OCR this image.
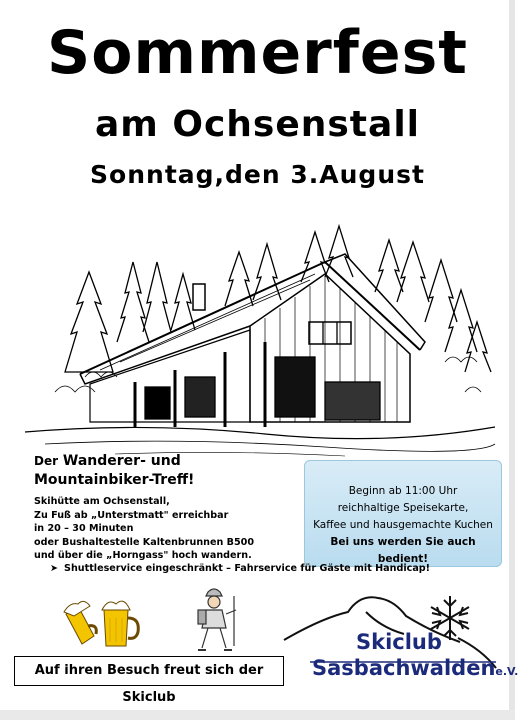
Sommerfest
am Ochsenstall
Sonntag,den 3.August
Der Wanderer- und
Mountainbiker-Treff!
Skihütte am Ochsenstall,
Zu Fuß ab „Unterstmatt" erreichbar
in 20 – 30 Minuten
oder Bushaltestelle Kaltenbrunnen B500
und über die „Horngass" hoch wandern.
Beginn ab 11:00 Uhr
reichhaltige Speisekarte,
Kaffee und hausgemachte Kuchen
Bei uns werden Sie auch bedient!
➤ Shuttleservice eingeschränkt – Fahrservice für Gäste mit Handicap!
Auf ihren Besuch freut sich der Skiclub
Skiclub
Sasbachwaldene.V.
